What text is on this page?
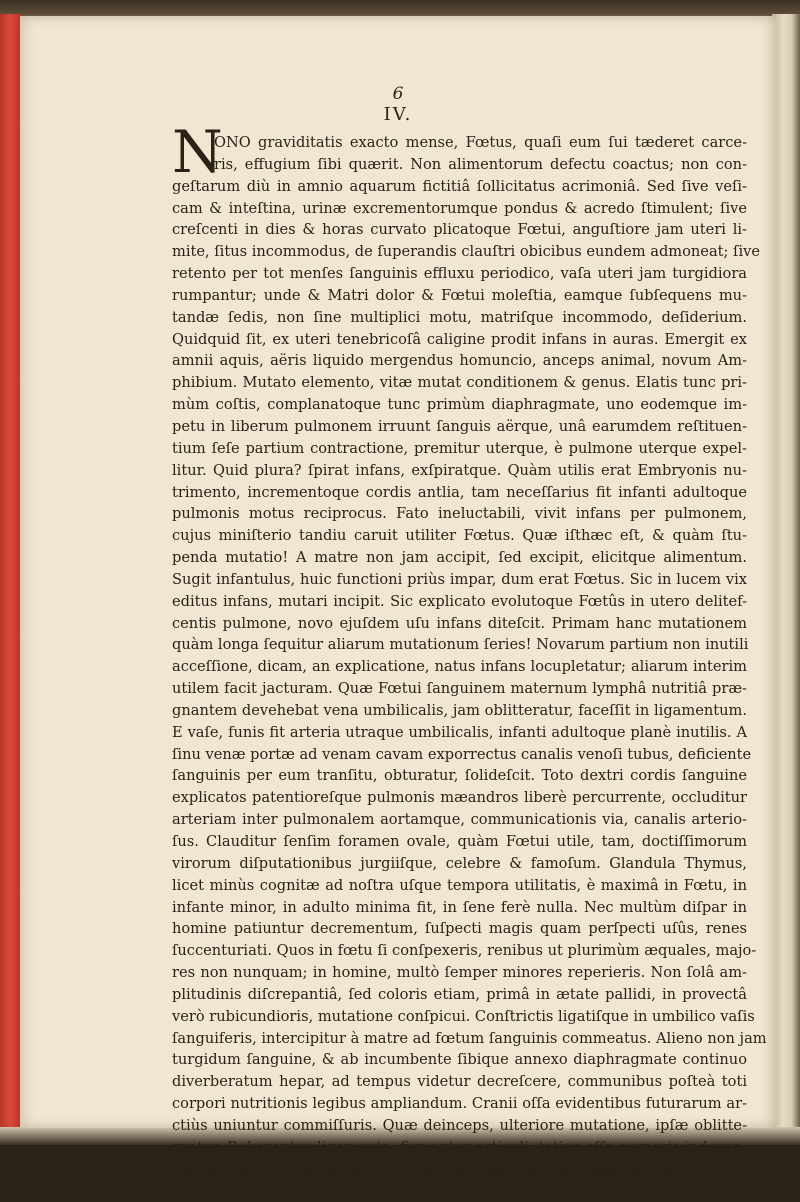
6
IV.
N
ONO graviditatis exacto mense, Fœtus, quaſi eum ſui tæderet carce-
ris, effugium ſibi quærit. Non alimentorum defectu coactus; non con-
geſtarum diù in amnio aquarum fictitiâ ſollicitatus acrimoniâ. Sed ſive veſi-
cam & inteſtina, urinæ excrementorumque pondus & acredo ſtimulent; ſive
creſcenti in dies & horas curvato plicatoque Fœtui, anguſtiore jam uteri li-
mite, ſitus incommodus, de ſuperandis clauſtri obicibus eundem admoneat; ſive
retento per tot menſes ſanguinis effluxu periodico, vaſa uteri jam turgidiora
rumpantur; unde & Matri dolor & Fœtui moleſtia, eamque ſubſequens mu-
tandæ ſedis, non ſine multiplici motu, matriſque incommodo, deſiderium.
Quidquid ſit, ex uteri tenebricoſâ caligine prodit infans in auras. Emergit ex
amnii aquis, aëris liquido mergendus homuncio, anceps animal, novum Am-
phibium. Mutato elemento, vitæ mutat conditionem & genus. Elatis tunc pri-
mùm coſtis, complanatoque tunc primùm diaphragmate, uno eodemque im-
petu in liberum pulmonem irruunt ſanguis aërque, unâ earumdem reſtituen-
tium ſeſe partium contractione, premitur uterque, è pulmone uterque expel-
litur. Quid plura? ſpirat infans, exſpiratque. Quàm utilis erat Embryonis nu-
trimento, incrementoque cordis antlia, tam neceſſarius fit infanti adultoque
pulmonis motus reciprocus. Fato ineluctabili, vivit infans per pulmonem,
cujus miniſterio tandiu caruit utiliter Fœtus. Quæ iſthæc eſt, & quàm ſtu-
penda mutatio! A matre non jam accipit, ſed excipit, elicitque alimentum.
Sugit infantulus, huic functioni priùs impar, dum erat Fœtus. Sic in lucem vix
editus infans, mutari incipit. Sic explicato evolutoque Fœtûs in utero delitef-
centis pulmone, novo ejuſdem uſu infans diteſcit. Primam hanc mutationem
quàm longa ſequitur aliarum mutationum ſeries! Novarum partium non inutili
acceſſione, dicam, an explicatione, natus infans locupletatur; aliarum interim
utilem facit jacturam. Quæ Fœtui ſanguinem maternum lymphâ nutritiâ præ-
gnantem devehebat vena umbilicalis, jam oblitteratur, faceſſit in ligamentum.
E vaſe, funis fit arteria utraque umbilicalis, infanti adultoque planè inutilis. A
ſinu venæ portæ ad venam cavam exporrectus canalis venoſi tubus, deficiente
ſanguinis per eum tranſitu, obturatur, ſolideſcit. Toto dextri cordis ſanguine
explicatos patentioreſque pulmonis mæandros liberè percurrente, occluditur
arteriam inter pulmonalem aortamque, communicationis via, canalis arterio-
ſus. Clauditur ſenſim foramen ovale, quàm Fœtui utile, tam, doctiſſimorum
virorum diſputationibus jurgiiſque, celebre & famoſum. Glandula Thymus,
licet minùs cognitæ ad noſtra uſque tempora utilitatis, è maximâ in Fœtu, in
infante minor, in adulto minima fit, in ſene ferè nulla. Nec multùm diſpar in
homine patiuntur decrementum, ſuſpecti magis quam perſpecti uſûs, renes
ſuccenturiati. Quos in fœtu ſi conſpexeris, renibus ut plurimùm æquales, majo-
res non nunquam; in homine, multò ſemper minores reperieris. Non ſolâ am-
plitudinis diſcrepantiâ, ſed coloris etiam, primâ in ætate pallidi, in provectâ
verò rubicundioris, mutatione conſpicui. Conſtrictis ligatiſque in umbilico vaſis
ſanguiferis, intercipitur à matre ad fœtum ſanguinis commeatus. Alieno non jam
turgidum ſanguine, & ab incumbente ſibique annexo diaphragmate continuo
diverberatum hepar, ad tempus videtur decreſcere, communibus poſteà toti
corpori nutritionis legibus ampliandum. Cranii oſſa evidentibus futurarum ar-
ctiùs uniuntur commiſſuris. Quæ deinceps, ulteriore mutatione, ipſæ oblitte-
rantur. Roborantur ligamenta, firmantur articuli, totius oſſa corporis induran-
tur, mutantur Epiphyſes in Apophyſes. Jamverò ex alveolis prorumpunt,
